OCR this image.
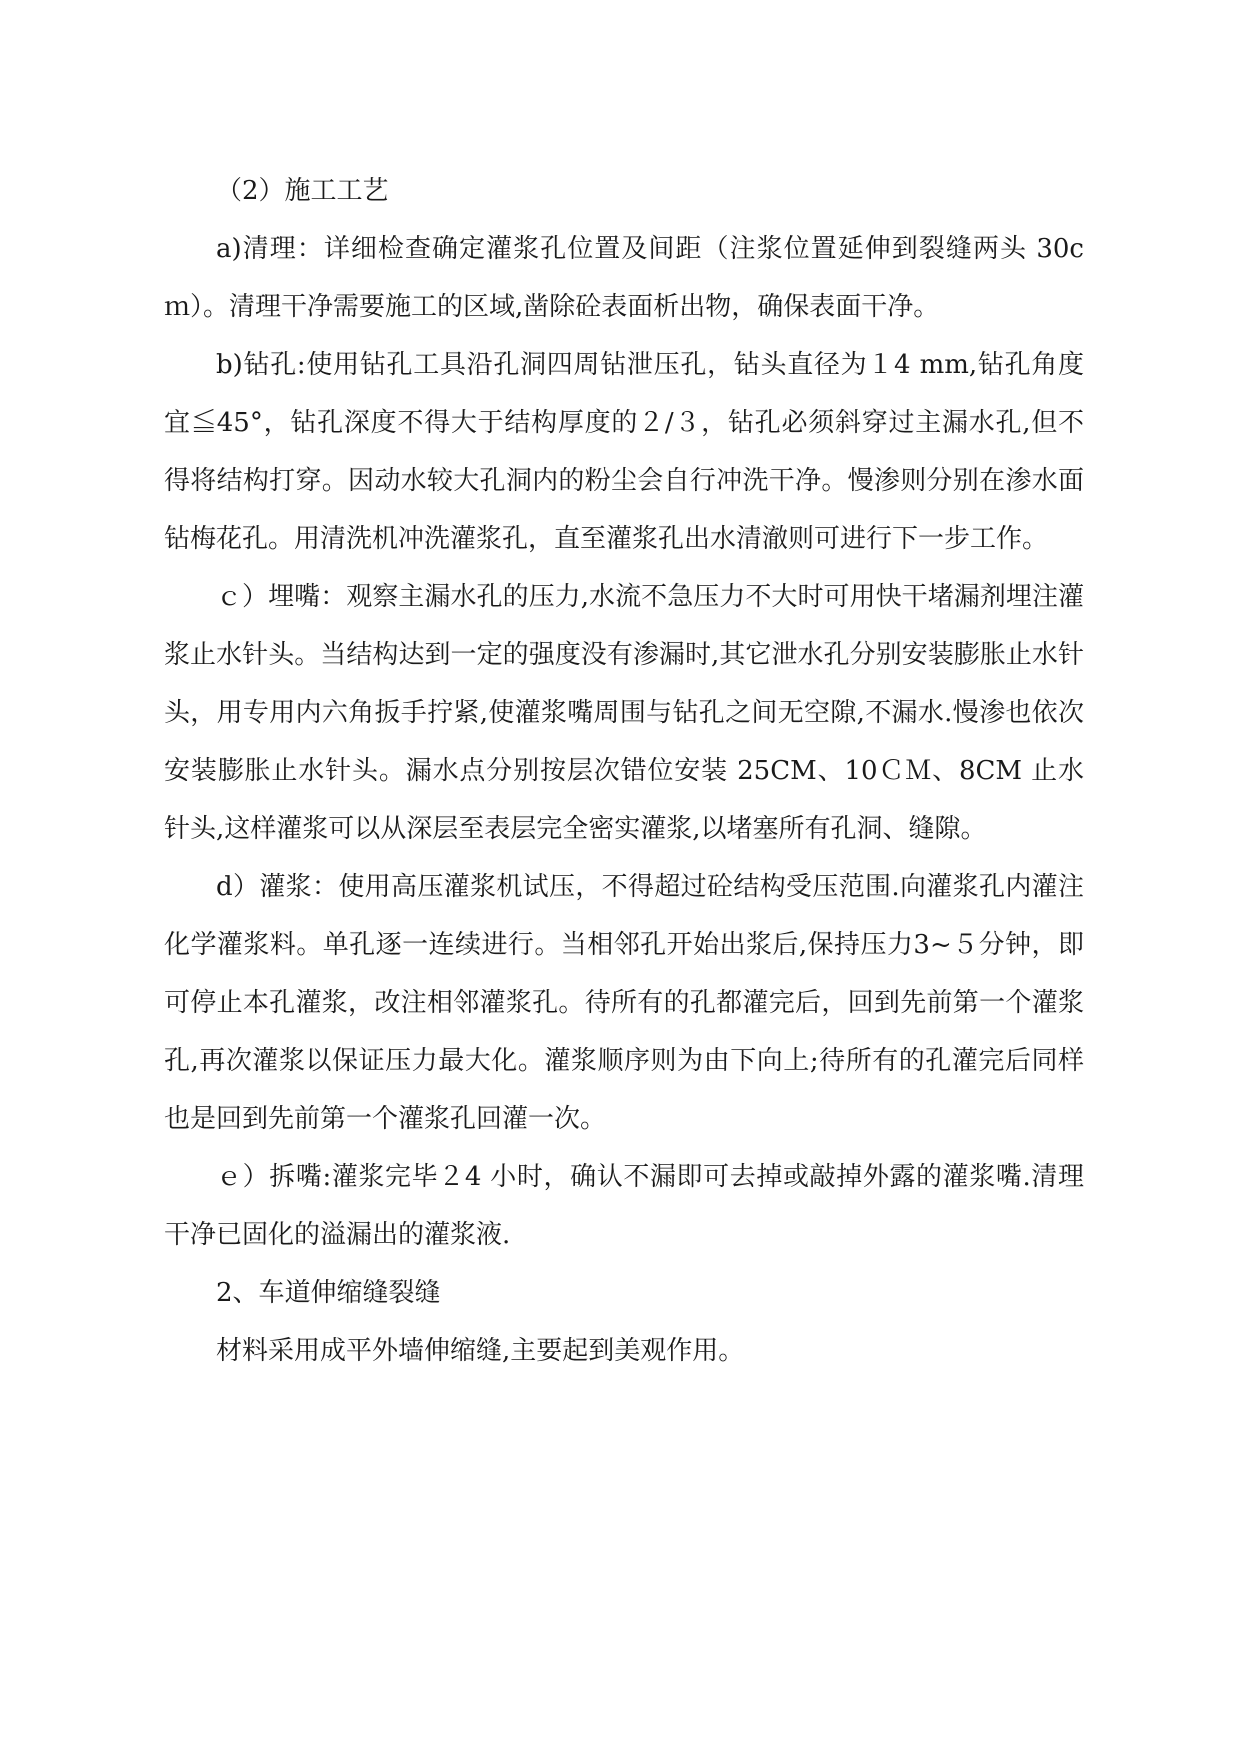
（2）施工工艺

a)清理：详细检查确定灌浆孔位置及间距（注浆位置延伸到裂缝两头 30cｍ）。清理干净需要施工的区域,凿除砼表面析出物，确保表面干净。

b)钻孔:使用钻孔工具沿孔洞四周钻泄压孔，钻头直径为１4 mm,钻孔角度宜≦45°，钻孔深度不得大于结构厚度的２/３，钻孔必须斜穿过主漏水孔,但不得将结构打穿。因动水较大孔洞内的粉尘会自行冲洗干净。慢渗则分别在渗水面钻梅花孔。用清洗机冲洗灌浆孔，直至灌浆孔出水清澈则可进行下一步工作。

ｃ）埋嘴：观察主漏水孔的压力,水流不急压力不大时可用快干堵漏剂埋注灌浆止水针头。当结构达到一定的强度没有渗漏时,其它泄水孔分别安装膨胀止水针头，用专用内六角扳手拧紧,使灌浆嘴周围与钻孔之间无空隙,不漏水.慢渗也依次安装膨胀止水针头。漏水点分别按层次错位安装 25CM、10ＣＭ、8CM 止水针头,这样灌浆可以从深层至表层完全密实灌浆,以堵塞所有孔洞、缝隙。

d）灌浆：使用高压灌浆机试压，不得超过砼结构受压范围.向灌浆孔内灌注化学灌浆料。单孔逐一连续进行。当相邻孔开始出浆后,保持压力3~５分钟，即可停止本孔灌浆，改注相邻灌浆孔。待所有的孔都灌完后，回到先前第一个灌浆孔,再次灌浆以保证压力最大化。灌浆顺序则为由下向上;待所有的孔灌完后同样也是回到先前第一个灌浆孔回灌一次。

ｅ）拆嘴:灌浆完毕２4 小时，确认不漏即可去掉或敲掉外露的灌浆嘴.清理干净已固化的溢漏出的灌浆液.

2、车道伸缩缝裂缝

材料采用成平外墙伸缩缝,主要起到美观作用。
